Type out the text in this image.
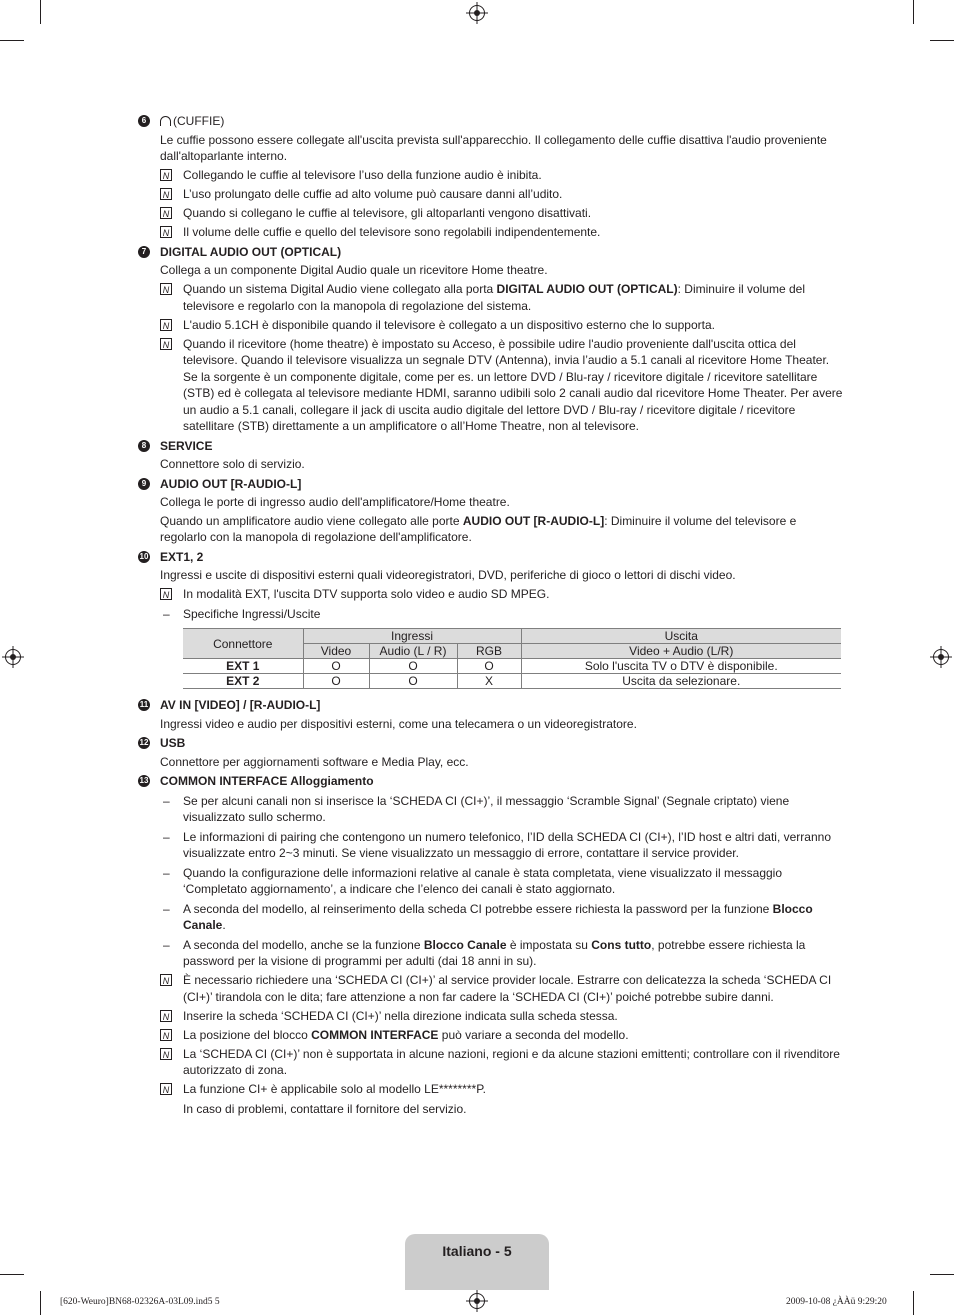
6	(CUFFIE)
Le cuffie possono essere collegate all'uscita prevista sull'apparecchio. Il collegamento delle cuffie disattiva l'audio proveniente dall'altoparlante interno.
N
Collegando le cuffie al televisore l’uso della funzione audio è inibita.
N
L’uso prolungato delle cuffie ad alto volume può causare danni all’udito.
N
Quando si collegano le cuffie al televisore, gli altoparlanti vengono disattivati.
N
Il volume delle cuffie e quello del televisore sono regolabili indipendentemente.
7	DIGITAL AUDIO OUT (OPTICAL)
Collega a un componente Digital Audio quale un ricevitore Home theatre.
N
Quando un sistema Digital Audio viene collegato alla porta DIGITAL AUDIO OUT (OPTICAL): Diminuire il volume del televisore e regolarlo con la manopola di regolazione del sistema.
N
L'audio 5.1CH è disponibile quando il televisore è collegato a un dispositivo esterno che lo supporta.
N
Quando il ricevitore (home theatre) è impostato su Acceso, è possibile udire l'audio proveniente dall'uscita ottica del televisore. Quando il televisore visualizza un segnale DTV (Antenna), invia l’audio a 5.1 canali al ricevitore Home Theater. Se la sorgente è un componente digitale, come per es. un lettore DVD / Blu-ray / ricevitore digitale / ricevitore satellitare (STB) ed è collegata al televisore mediante HDMI, saranno udibili solo 2 canali audio dal ricevitore Home Theater. Per avere un audio a 5.1 canali, collegare il jack di uscita audio digitale del lettore DVD / Blu-ray / ricevitore digitale / ricevitore satellitare (STB) direttamente a un amplificatore o all’Home Theatre, non al televisore.
8	SERVICE
Connettore solo di servizio.
9	AUDIO OUT [R-AUDIO-L]
Collega le porte di ingresso audio dell'amplificatore/Home theatre.
Quando un amplificatore audio viene collegato alle porte AUDIO OUT [R-AUDIO-L]: Diminuire il volume del televisore e regolarlo con la manopola di regolazione dell'amplificatore.
10 EXT1, 2
Ingressi e uscite di dispositivi esterni quali videoregistratori, DVD, periferiche di gioco o lettori di dischi video.
N
In modalità EXT, l'uscita DTV supporta solo video e audio SD MPEG.
– Specifiche Ingressi/Uscite
Connettore	Ingressi			Uscita
	Video	Audio (L / R)	RGB	Video + Audio (L/R)
EXT 1	O	O	O	Solo l'uscita TV o DTV è disponibile.
EXT 2	O	O	X	Uscita da selezionare.
11 AV IN [VIDEO] / [R-AUDIO-L]
Ingressi video e audio per dispositivi esterni, come una telecamera o un videoregistratore.
12 USB
Connettore per aggiornamenti software e Media Play, ecc.
13 COMMON INTERFACE Alloggiamento
– Se per alcuni canali non si inserisce la ‘SCHEDA CI (CI+)’, il messaggio ‘Scramble Signal’ (Segnale criptato) viene visualizzato sullo schermo.
– Le informazioni di pairing che contengono un numero telefonico, l’ID della SCHEDA CI (CI+), l’ID host e altri dati, verranno visualizzate entro 2~3 minuti. Se viene visualizzato un messaggio di errore, contattare il service provider.
– Quando la configurazione delle informazioni relative al canale è stata completata, viene visualizzato il messaggio ‘Completato aggiornamento’, a indicare che l’elenco dei canali è stato aggiornato.
– A seconda del modello, al reinserimento della scheda CI potrebbe essere richiesta la password per la funzione Blocco Canale.
– A seconda del modello, anche se la funzione Blocco Canale è impostata su Cons tutto, potrebbe essere richiesta la password per la visione di programmi per adulti (dai 18 anni in su).
N
È necessario richiedere una ‘SCHEDA CI (CI+)’ al service provider locale. Estrarre con delicatezza la scheda ‘SCHEDA CI (CI+)’ tirandola con le dita; fare attenzione a non far cadere la ‘SCHEDA CI (CI+)’ poiché potrebbe subire danni.
N
Inserire la scheda ‘SCHEDA CI (CI+)’ nella direzione indicata sulla scheda stessa.
N
La posizione del blocco COMMON INTERFACE può variare a seconda del modello.
N
La ‘SCHEDA CI (CI+)’ non è supportata in alcune nazioni, regioni e da alcune stazioni emittenti; controllare con il rivenditore autorizzato di zona.
N
La funzione CI+ è applicabile solo al modello LE********P.
In caso di problemi, contattare il fornitore del servizio.
Italiano - 5
[620-Weuro]BN68-02326A-03L09.ind5 5	2009-10-08 ¿ÀÀü 9:29:20
